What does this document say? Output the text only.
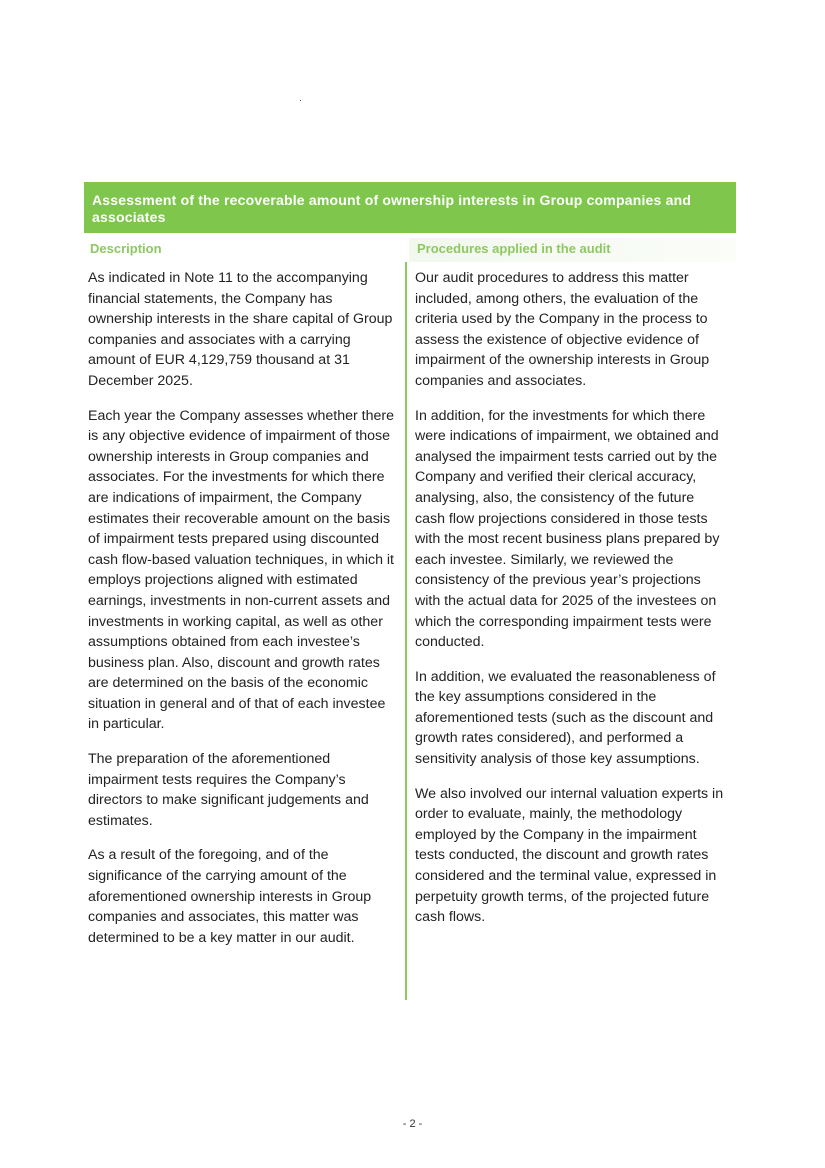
Assessment of the recoverable amount of ownership interests in Group companies and associates
Description	Procedures applied in the audit

As indicated in Note 11 to the accompanying financial statements, the Company has ownership interests in the share capital of Group companies and associates with a carrying amount of EUR 4,129,759 thousand at 31 December 2025.

Each year the Company assesses whether there is any objective evidence of impairment of those ownership interests in Group companies and associates. For the investments for which there are indications of impairment, the Company estimates their recoverable amount on the basis of impairment tests prepared using discounted cash flow-based valuation techniques, in which it employs projections aligned with estimated earnings, investments in non-current assets and investments in working capital, as well as other assumptions obtained from each investee’s business plan. Also, discount and growth rates are determined on the basis of the economic situation in general and of that of each investee in particular.

The preparation of the aforementioned impairment tests requires the Company’s directors to make significant judgements and estimates.

As a result of the foregoing, and of the significance of the carrying amount of the aforementioned ownership interests in Group companies and associates, this matter was determined to be a key matter in our audit.

Our audit procedures to address this matter included, among others, the evaluation of the criteria used by the Company in the process to assess the existence of objective evidence of impairment of the ownership interests in Group companies and associates.

In addition, for the investments for which there were indications of impairment, we obtained and analysed the impairment tests carried out by the Company and verified their clerical accuracy, analysing, also, the consistency of the future cash flow projections considered in those tests with the most recent business plans prepared by each investee. Similarly, we reviewed the consistency of the previous year’s projections with the actual data for 2025 of the investees on which the corresponding impairment tests were conducted.

In addition, we evaluated the reasonableness of the key assumptions considered in the aforementioned tests (such as the discount and growth rates considered), and performed a sensitivity analysis of those key assumptions.

We also involved our internal valuation experts in order to evaluate, mainly, the methodology employed by the Company in the impairment tests conducted, the discount and growth rates considered and the terminal value, expressed in perpetuity growth terms, of the projected future cash flows.

- 2 -
